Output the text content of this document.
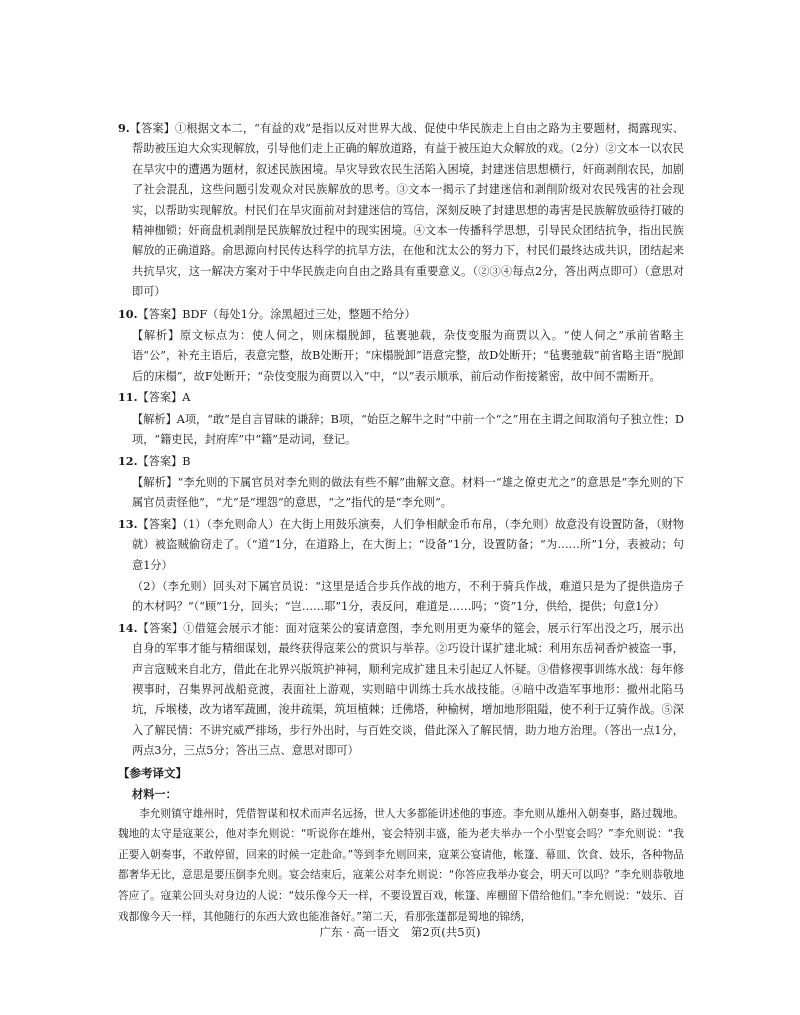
9.【答案】①根据文本二，“有益的戏”是指以反对世界大战、促使中华民族走上自由之路为主要题材，揭露现实、帮助被压迫大众实现解放，引导他们走上正确的解放道路，有益于被压迫大众解放的戏。（2分）②文本一以农民在旱灾中的遭遇为题材，叙述民族困境。旱灾导致农民生活陷入困境，封建迷信思想横行，奸商剥削农民，加剧了社会混乱，这些问题引发观众对民族解放的思考。③文本一揭示了封建迷信和剥削阶级对农民残害的社会现实，以帮助实现解放。村民们在旱灾面前对封建迷信的笃信，深刻反映了封建思想的毒害是民族解放亟待打破的精神枷锁；奸商盘机剥削是民族解放过程中的现实困境。④文本一传播科学思想，引导民众团结抗争，指出民族解放的正确道路。俞思源向村民传达科学的抗旱方法，在他和沈太公的努力下，村民们最终达成共识，团结起来共抗旱灾，这一解决方案对于中华民族走向自由之路具有重要意义。（②③④每点2分，答出两点即可）（意思对即可）

10.【答案】BDF（每处1分。涂黑超过三处，整题不给分）

【解析】原文标点为：使人伺之，则床榻脱卸，毡裹驰载，杂伎变服为商贾以入。“使人伺之”承前省略主语“公”，补充主语后，表意完整，故B处断开；“床榻脱卸”语意完整，故D处断开；“毡裹驰载”前省略主语“脱卸后的床榻”，故F处断开；“杂伎变服为商贾以入”中，“以”表示顺承，前后动作衔接紧密，故中间不需断开。

11.【答案】A

【解析】A项，“敢”是自言冒昧的谦辞；B项，“始臣之解牛之时”中前一个“之”用在主谓之间取消句子独立性；D项，“籍吏民，封府库”中“籍”是动词，登记。

12.【答案】B

【解析】“李允则的下属官员对李允则的做法有些不解”曲解文意。材料一“雄之僚吏尤之”的意思是“李允则的下属官员责怪他”，“尤”是“埋怨”的意思，“之”指代的是“李允则”。

13.【答案】（1）（李允则命人）在大街上用鼓乐演奏，人们争相献金币布帛，（李允则）故意没有设置防备，（财物就）被盗贼偷窃走了。（“道”1分，在道路上，在大街上；“设备”1分，设置防备；“为……所”1分，表被动；句意1分）

（2）（李允则）回头对下属官员说：“这里是适合步兵作战的地方，不利于骑兵作战，难道只是为了提供造房子的木材吗？”（“顾”1分，回头；“岂……耶”1分，表反问，难道是……吗；“资”1分，供给，提供；句意1分）

14.【答案】①借筵会展示才能：面对寇莱公的宴请意图，李允则用更为豪华的筵会，展示行军出没之巧，展示出自身的军事才能与精细谋划，最终获得寇莱公的赏识与举荐。②巧设计谋扩建北城：利用东岳祠香炉被盗一事，声言寇贼来自北方，借此在北界兴版筑护神祠，顺利完成扩建且未引起辽人怀疑。③借修禊事训练水战：每年修禊事时，召集界河战船竞渡，表面社上游观，实则暗中训练士兵水战技能。④暗中改造军事地形：撤州北陷马坑，斥堠楼，改为诸军蔬圃，浚井疏渠，筑垣植棘；迁佛塔，种榆树，增加地形阻隘，使不利于辽骑作战。⑤深入了解民情：不讲究威严排场，步行外出时，与百姓交谈，借此深入了解民情，助力地方治理。（答出一点1分，两点3分，三点5分；答出三点、意思对即可）

【参考译文】
材料一：

李允则镇守雄州时，凭借智谋和权术而声名远扬，世人大多都能讲述他的事迹。李允则从雄州入朝奏事，路过魏地。魏地的太守是寇莱公，他对李允则说：“听说你在雄州，宴会特别丰盛，能为老夫举办一个小型宴会吗？”李允则说：“我正要入朝奏事，不敢停留，回来的时候一定赴命。”等到李允则回来，寇莱公宴请他，帐篷、幕皿、饮食、妓乐，各种物品都奢华无比，意思是要压倒李允则。宴会结束后，寇莱公对李允则说：“你答应我举办宴会，明天可以吗？”李允则恭敬地答应了。寇莱公回头对身边的人说：“妓乐像今天一样，不要设置百戏，帐篷、库棚留下借给他们。”李允则说：“妓乐、百戏都像今天一样，其他随行的东西大致也能准备好。”第二天，看那张蓬都是蜀地的锦绣，

广东 · 高一语文　第2页(共5页)
